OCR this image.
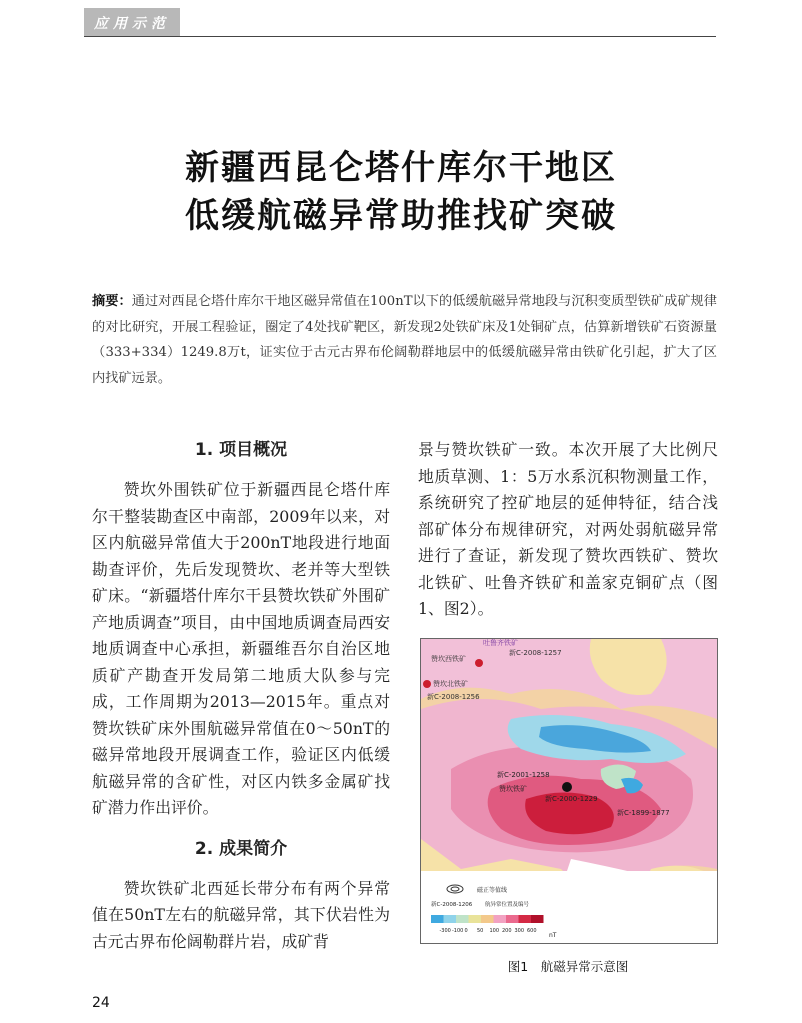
应用示范
新疆西昆仑塔什库尔干地区
低缓航磁异常助推找矿突破
摘要：通过对西昆仑塔什库尔干地区磁异常值在100nT以下的低缓航磁异常地段与沉积变质型铁矿成矿规律的对比研究，开展工程验证，圈定了4处找矿靶区，新发现2处铁矿床及1处铜矿点，估算新增铁矿石资源量（333+334）1249.8万t，证实位于古元古界布伦阔勒群地层中的低缓航磁异常由铁矿化引起，扩大了区内找矿远景。
1. 项目概况

赞坎外围铁矿位于新疆西昆仑塔什库尔干整装勘查区中南部，2009年以来，对区内航磁异常值大于200nT地段进行地面勘查评价，先后发现赞坎、老并等大型铁矿床。“新疆塔什库尔干县赞坎铁矿外围矿产地质调查”项目，由中国地质调查局西安地质调查中心承担，新疆维吾尔自治区地质矿产勘查开发局第二地质大队参与完成，工作周期为2013—2015年。重点对赞坎铁矿床外围航磁异常值在0～50nT的磁异常地段开展调查工作，验证区内低缓航磁异常的含矿性，对区内铁多金属矿找矿潜力作出评价。

2. 成果简介

赞坎铁矿北西延长带分布有两个异常值在50nT左右的航磁异常，其下伏岩性为古元古界布伦阔勒群片岩，成矿背

景与赞坎铁矿一致。本次开展了大比例尺地质草测、1：5万水系沉积物测量工作，系统研究了控矿地层的延伸特征，结合浅部矿体分布规律研究，对两处弱航磁异常进行了查证，新发现了赞坎西铁矿、赞坎北铁矿、吐鲁齐铁矿和盖家克铜矿点（图1、图2）。

吐鲁齐铁矿
赞坎西铁矿
新C-2008-1257
赞坎北铁矿
新C-2008-1256
新C-2001-1258
赞坎铁矿
新C-2000-1229
新C-1899-1877
磁正等值线
新C-2008-1206 航异常位置及编号
-300 -100 0 50 100 200 300 600
nT
图1　航磁异常示意图
24
